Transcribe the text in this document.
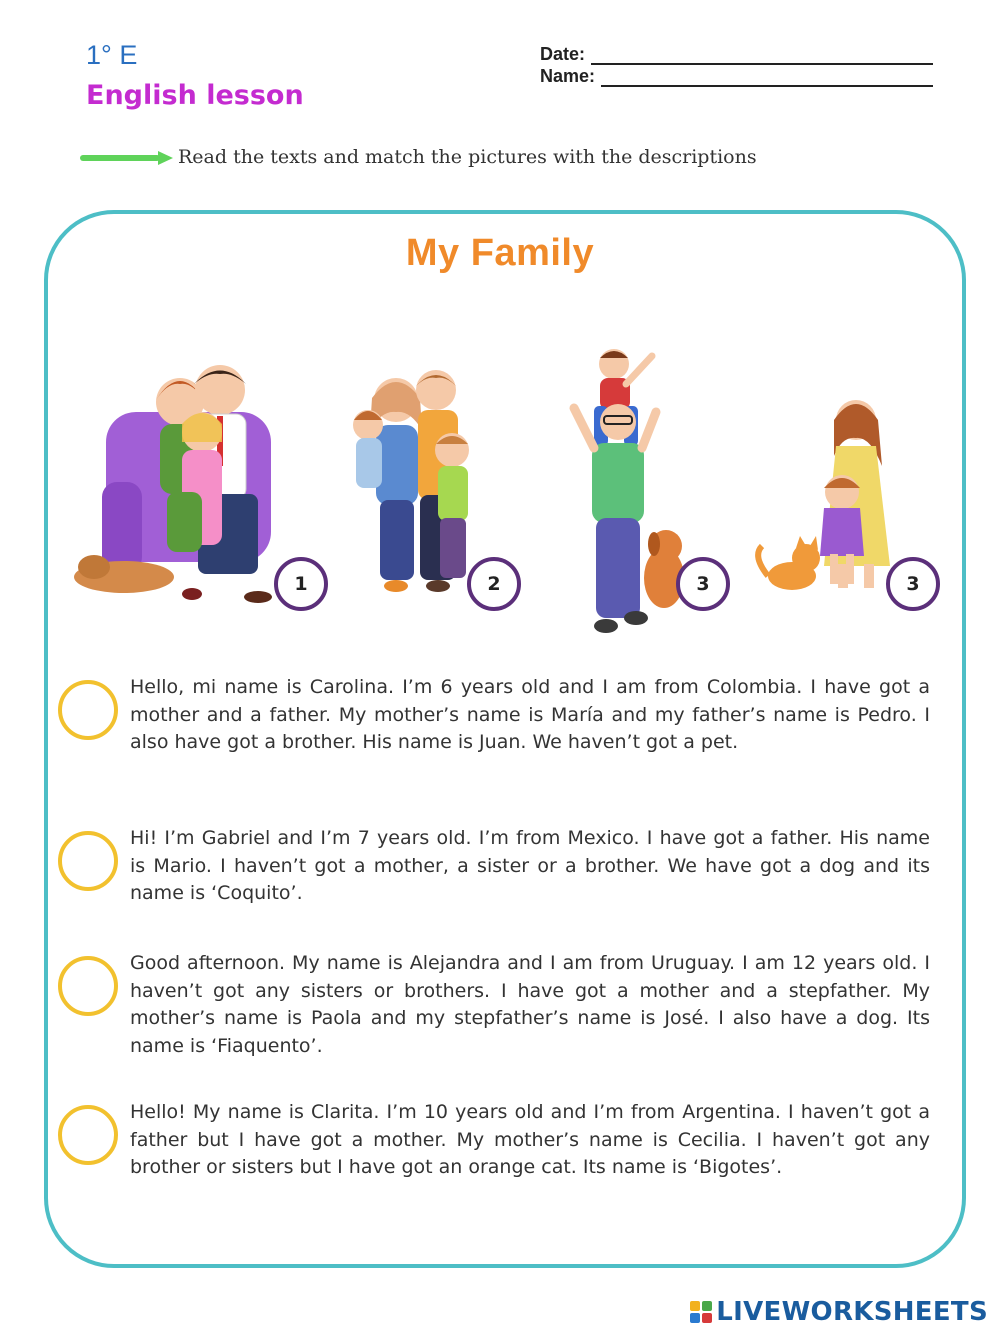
1° E
English lesson
Date:
Name:
Read the texts and match the pictures with the descriptions
My Family
1	2	3	3
Hello, mi name is Carolina. I’m 6 years old and I am from Colombia. I have got a mother and a father. My mother’s name is María and my father’s name is Pedro. I also have got a brother. His name is Juan. We haven’t got a pet.
Hi! I’m Gabriel and I’m 7 years old. I’m from Mexico. I have got a father. His name is Mario. I haven’t got a mother, a sister or a brother. We have got a dog and its name is ‘Coquito’.
Good afternoon. My name is Alejandra and I am from Uruguay. I am 12 years old. I haven’t got any sisters or brothers. I have got a mother and a stepfather. My mother’s name is Paola and my stepfather’s name is José. I also have a dog. Its name is ‘Fiaquento’.
Hello! My name is Clarita. I’m 10 years old and I’m from Argentina. I haven’t got a father but I have got a mother. My mother’s name is Cecilia. I haven’t got any brother or sisters but I have got an orange cat. Its name is ‘Bigotes’.
LIVEWORKSHEETS
